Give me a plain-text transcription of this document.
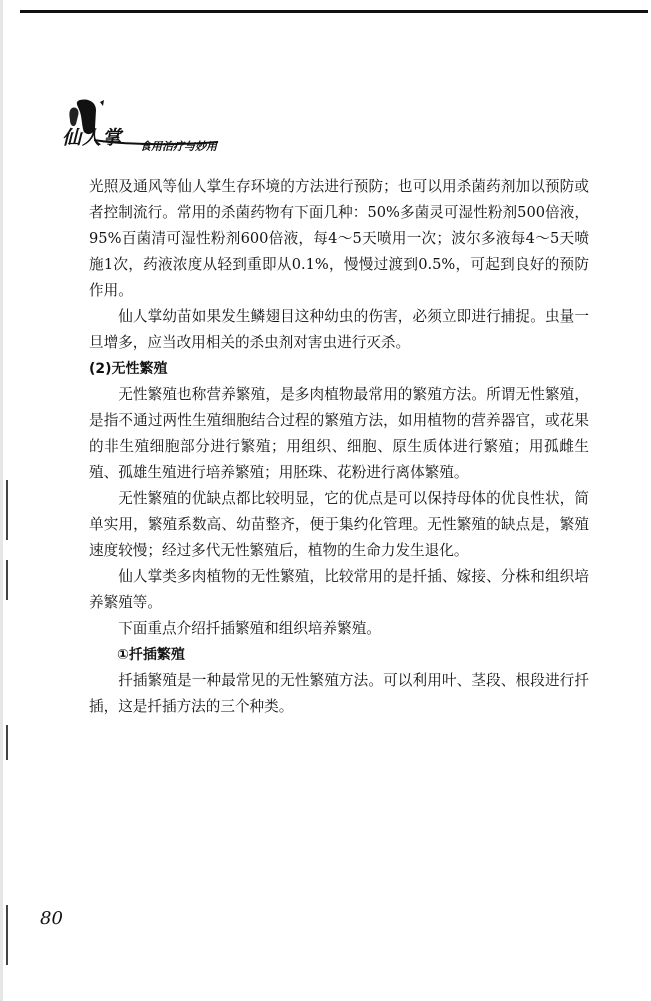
仙人掌 食用治疗与妙用

光照及通风等仙人掌生存环境的方法进行预防；也可以用杀菌药剂加以预防或者控制流行。常用的杀菌药物有下面几种：50%多菌灵可湿性粉剂500倍液，95%百菌清可湿性粉剂600倍液，每4～5天喷用一次；波尔多液每4～5天喷施1次，药液浓度从轻到重即从0.1%，慢慢过渡到0.5%，可起到良好的预防作用。

仙人掌幼苗如果发生鳞翅目这种幼虫的伤害，必须立即进行捕捉。虫量一旦增多，应当改用相关的杀虫剂对害虫进行灭杀。

(2)无性繁殖

无性繁殖也称营养繁殖，是多肉植物最常用的繁殖方法。所谓无性繁殖，是指不通过两性生殖细胞结合过程的繁殖方法，如用植物的营养器官，或花果的非生殖细胞部分进行繁殖；用组织、细胞、原生质体进行繁殖；用孤雌生殖、孤雄生殖进行培养繁殖；用胚珠、花粉进行离体繁殖。

无性繁殖的优缺点都比较明显，它的优点是可以保持母体的优良性状，简单实用，繁殖系数高、幼苗整齐，便于集约化管理。无性繁殖的缺点是，繁殖速度较慢；经过多代无性繁殖后，植物的生命力发生退化。

仙人掌类多肉植物的无性繁殖，比较常用的是扦插、嫁接、分株和组织培养繁殖等。

下面重点介绍扦插繁殖和组织培养繁殖。

①扦插繁殖

扦插繁殖是一种最常见的无性繁殖方法。可以利用叶、茎段、根段进行扦插，这是扦插方法的三个种类。

80
